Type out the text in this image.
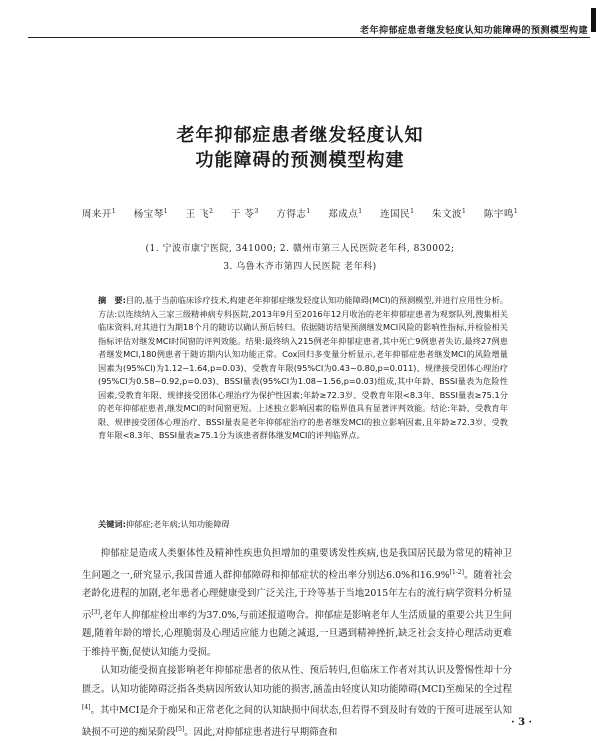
老年抑郁症患者继发轻度认知功能障碍的预测模型构建
老年抑郁症患者继发轻度认知
功能障碍的预测模型构建
周来开$^1$ 杨宝琴$^1$ 王 飞$^2$ 于 苓$^3$ 方得志$^1$ 郑成点$^1$ 连国民$^1$ 朱文波$^1$ 陈宇鸣$^1$
(1. 宁波市康宁医院, 341000; 2. 赣州市第三人民医院老年科, 830002;
3. 乌鲁木齐市第四人民医院 老年科)
摘　要:目的,基于当前临床诊疗技术,构建老年抑郁症继发轻度认知功能障碍(MCI)的预测模型,并进行应用性分析。方法:以连续纳入三家三级精神病专科医院,2013年9月至2016年12月收治的老年抑郁症患者为观察队列,搜集相关临床资料,对其进行为期18个月的随访以确认预后转归。依据随访结果预测继发MCI风险的影响性指标,并检验相关指标评估对继发MCI时间窗的评判效能。结果:最终纳入215例老年抑郁症患者,其中死亡9例患者失访,最终27例患者继发MCI,180例患者于随访期内认知功能正常。Cox回归多变量分析显示,老年抑郁症患者继发MCI的风险增量因素为(95%CI)为1.12~1.64,p=0.03)、受教育年限(95%CI为0.43~0.80,p=0.011)、规律接受团体心理治疗(95%CI为0.58~0.92,p=0.03)、BSSI量表(95%CI为1.08~1.56,p=0.03)组成,其中年龄、BSSI量表为危险性因素,受教育年限、规律接受团体心理治疗为保护性因素;年龄≥72.3岁、受教育年限<8.3年、BSSI量表≥75.1分的老年抑郁症患者,继发MCI的时间窗更短。上述独立影响因素的临界值具有显著评判效能。结论:年龄、受教育年限、规律接受团体心理治疗、BSSI量表是老年抑郁症治疗的患者继发MCI的独立影响因素,且年龄≥72.3岁、受教育年限<8.3年、BSSI量表≥75.1分为该患者群体继发MCI的评判临界点。
关键词:抑郁症;老年病;认知功能障碍

抑郁症是造成人类躯体性及精神性疾患负担增加的重要诱发性疾病,也是我国居民最为常见的精神卫生问题之一,研究显示,我国普通人群抑郁障碍和抑郁症状的检出率分别达6.0%和16.9%[1-2]。随着社会老龄化进程的加剧,老年患者心理健康受到广泛关注,于玲等基于当地2015年左右的流行病学资料分析显示[3],老年人抑郁症检出率约为37.0%,与前述报道吻合。抑郁症是影响老年人生活质量的重要公共卫生问题,随着年龄的增长,心理脆弱及心理适应能力也随之减退,一旦遇到精神挫折,缺乏社会支持心理活动更难于维持平衡,促使认知能力受损。

认知功能受损直接影响老年抑郁症患者的依从性、预后转归,但临床工作者对其认识及警惕性却十分匮乏。认知功能障碍泛指各类病因所致认知功能的损害,涵盖由轻度认知功能障碍(MCI)至痴呆的全过程[4]。其中MCI是介于痴呆和正常老化之间的认知缺损中间状态,但若得不到及时有效的干预可进展至认知缺损不可逆的痴呆阶段[5]。因此,对抑郁症患者进行早期筛查和

· 3 ·
